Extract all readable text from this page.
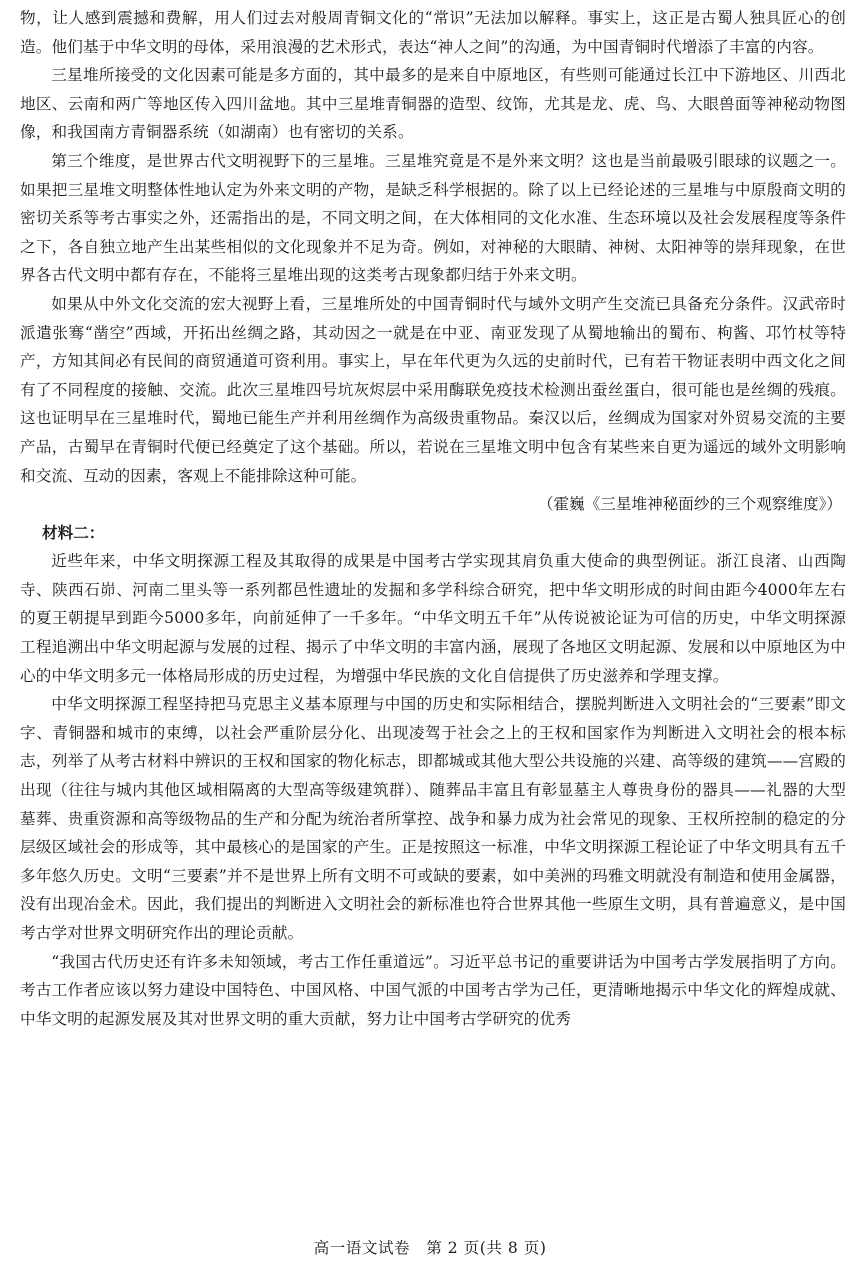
物，让人感到震撼和费解，用人们过去对般周青铜文化的“常识”无法加以解释。事实上，这正是古蜀人独具匠心的创造。他们基于中华文明的母体，采用浪漫的艺术形式，表达“神人之间”的沟通，为中国青铜时代增添了丰富的内容。

三星堆所接受的文化因素可能是多方面的，其中最多的是来自中原地区，有些则可能通过长江中下游地区、川西北地区、云南和两广等地区传入四川盆地。其中三星堆青铜器的造型、纹饰，尤其是龙、虎、鸟、大眼兽面等神秘动物图像，和我国南方青铜器系统（如湖南）也有密切的关系。

第三个维度，是世界古代文明视野下的三星堆。三星堆究竟是不是外来文明？这也是当前最吸引眼球的议题之一。如果把三星堆文明整体性地认定为外来文明的产物，是缺乏科学根据的。除了以上已经论述的三星堆与中原殷商文明的密切关系等考古事实之外，还需指出的是，不同文明之间，在大体相同的文化水准、生态环境以及社会发展程度等条件之下，各自独立地产生出某些相似的文化现象并不足为奇。例如，对神秘的大眼睛、神树、太阳神等的崇拜现象，在世界各古代文明中都有存在，不能将三星堆出现的这类考古现象都归结于外来文明。

如果从中外文化交流的宏大视野上看，三星堆所处的中国青铜时代与域外文明产生交流已具备充分条件。汉武帝时派遣张骞“凿空”西域，开拓出丝绸之路，其动因之一就是在中亚、南亚发现了从蜀地输出的蜀布、枸酱、邛竹杖等特产，方知其间必有民间的商贸通道可资利用。事实上，早在年代更为久远的史前时代，已有若干物证表明中西文化之间有了不同程度的接触、交流。此次三星堆四号坑灰烬层中采用酶联免疫技术检测出蚕丝蛋白，很可能也是丝绸的残痕。这也证明早在三星堆时代，蜀地已能生产并利用丝绸作为高级贵重物品。秦汉以后，丝绸成为国家对外贸易交流的主要产品，古蜀早在青铜时代便已经奠定了这个基础。所以，若说在三星堆文明中包含有某些来自更为遥远的域外文明影响和交流、互动的因素，客观上不能排除这种可能。

（霍巍《三星堆神秘面纱的三个观察维度》）

材料二：

近些年来，中华文明探源工程及其取得的成果是中国考古学实现其肩负重大使命的典型例证。浙江良渚、山西陶寺、陕西石峁、河南二里头等一系列都邑性遗址的发掘和多学科综合研究，把中华文明形成的时间由距今4000年左右的夏王朝提早到距今5000多年，向前延伸了一千多年。“中华文明五千年”从传说被论证为可信的历史，中华文明探源工程追溯出中华文明起源与发展的过程、揭示了中华文明的丰富内涵，展现了各地区文明起源、发展和以中原地区为中心的中华文明多元一体格局形成的历史过程，为增强中华民族的文化自信提供了历史滋养和学理支撑。

中华文明探源工程坚持把马克思主义基本原理与中国的历史和实际相结合，摆脱判断进入文明社会的“三要素”即文字、青铜器和城市的束缚，以社会严重阶层分化、出现凌驾于社会之上的王权和国家作为判断进入文明社会的根本标志，列举了从考古材料中辨识的王权和国家的物化标志，即都城或其他大型公共设施的兴建、高等级的建筑——宫殿的出现（往往与城内其他区域相隔离的大型高等级建筑群）、随葬品丰富且有彰显墓主人尊贵身份的器具——礼器的大型墓葬、贵重资源和高等级物品的生产和分配为统治者所掌控、战争和暴力成为社会常见的现象、王权所控制的稳定的分层级区域社会的形成等，其中最核心的是国家的产生。正是按照这一标准，中华文明探源工程论证了中华文明具有五千多年悠久历史。文明“三要素”并不是世界上所有文明不可或缺的要素，如中美洲的玛雅文明就没有制造和使用金属器，没有出现冶金术。因此，我们提出的判断进入文明社会的新标准也符合世界其他一些原生文明，具有普遍意义，是中国考古学对世界文明研究作出的理论贡献。

“我国古代历史还有许多未知领域，考古工作任重道远”。习近平总书记的重要讲话为中国考古学发展指明了方向。考古工作者应该以努力建设中国特色、中国风格、中国气派的中国考古学为己任，更清晰地揭示中华文化的辉煌成就、中华文明的起源发展及其对世界文明的重大贡献，努力让中国考古学研究的优秀

高一语文试卷　第 2 页(共 8 页)
